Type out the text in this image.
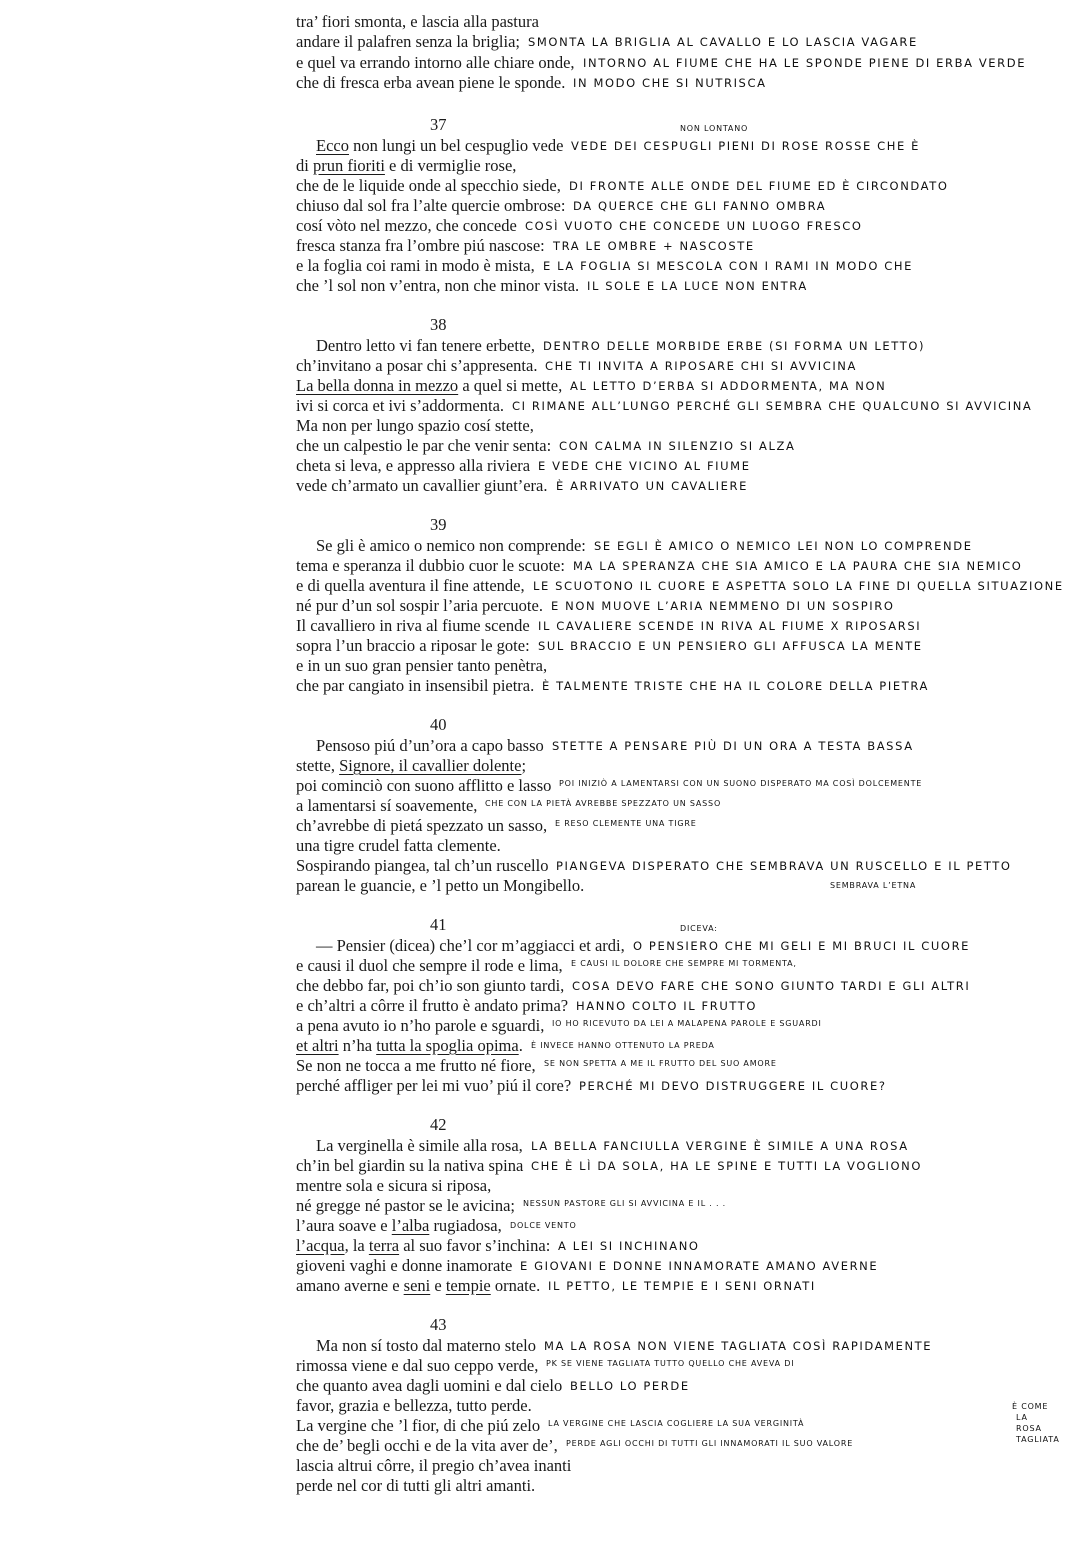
tra’ fiori smonta, e lascia alla pastura
andare il palafren senza la briglia; SMONTA LA BRIGLIA AL CAVALLO E LO LASCIA VAGARE
e quel va errando intorno alle chiare onde, INTORNO AL FIUME CHE HA LE SPONDE PIENE DI ERBA VERDE
che di fresca erba avean piene le sponde. IN MODO CHE SI NUTRISCA
37
Ecco non lungi un bel cespuglio vede VEDE DEI CESPUGLI PIENI DI ROSE ROSSE CHE È
NON LONTANO
di prun fioriti e di vermiglie rose,
che de le liquide onde al specchio siede, DI FRONTE ALLE ONDE DEL FIUME ED È CIRCONDATO
chiuso dal sol fra l’alte quercie ombrose: DA QUERCE CHE GLI FANNO OMBRA
cosí vòto nel mezzo, che concede COSÌ VUOTO CHE CONCEDE UN LUOGO FRESCO
fresca stanza fra l’ombre piú nascose: TRA LE OMBRE + NASCOSTE
e la foglia coi rami in modo è mista, E LA FOGLIA SI MESCOLA CON I RAMI IN MODO CHE
che ’l sol non v’entra, non che minor vista. IL SOLE E LA LUCE NON ENTRA
38
Dentro letto vi fan tenere erbette, DENTRO DELLE MORBIDE ERBE (SI FORMA UN LETTO)
ch’invitano a posar chi s’appresenta. CHE TI INVITA A RIPOSARE CHI SI AVVICINA
La bella donna in mezzo a quel si mette, AL LETTO D’ERBA SI ADDORMENTA, MA NON
ivi si corca et ivi s’addormenta. CI RIMANE ALL’LUNGO PERCHÉ GLI SEMBRA CHE QUALCUNO SI AVVICINA
Ma non per lungo spazio cosí stette,
che un calpestio le par che venir senta: CON CALMA IN SILENZIO SI ALZA
cheta si leva, e appresso alla riviera E VEDE CHE VICINO AL FIUME
vede ch’armato un cavallier giunt’era. È ARRIVATO UN CAVALIERE
39
Se gli è amico o nemico non comprende: SE EGLI È AMICO O NEMICO LEI NON LO COMPRENDE
tema e speranza il dubbio cuor le scuote: MA LA SPERANZA CHE SIA AMICO E LA PAURA CHE SIA NEMICO
e di quella aventura il fine attende, LE SCUOTONO IL CUORE E ASPETTA SOLO LA FINE DI QUELLA SITUAZIONE
né pur d’un sol sospir l’aria percuote. E NON MUOVE L’ARIA NEMMENO DI UN SOSPIRO
Il cavalliero in riva al fiume scende IL CAVALIERE SCENDE IN RIVA AL FIUME X RIPOSARSI
sopra l’un braccio a riposar le gote: SUL BRACCIO E UN PENSIERO GLI AFFUSCA LA MENTE
e in un suo gran pensier tanto penètra,
che par cangiato in insensibil pietra. È TALMENTE TRISTE CHE HA IL COLORE DELLA PIETRA
40
Pensoso piú d’un’ora a capo basso STETTE A PENSARE PIÙ DI UN ORA A TESTA BASSA
stette, Signore, il cavallier dolente;
poi cominciò con suono afflitto e lasso POI INIZIÒ A LAMENTARSI CON UN SUONO DISPERATO MA COSÌ DOLCEMENTE
a lamentarsi sí soavemente, CHE CON LA PIETÀ AVREBBE SPEZZATO UN SASSO
ch’avrebbe di pietá spezzato un sasso, E RESO CLEMENTE UNA TIGRE
una tigre crudel fatta clemente.
Sospirando piangea, tal ch’un ruscello PIANGEVA DISPERATO CHE SEMBRAVA UN RUSCELLO E IL PETTO
parean le guancie, e ’l petto un Mongibello.	SEMBRAVA L’ETNA
41
— Pensier (dicea) che’l cor m’aggiacci et ardi, O PENSIERO CHE MI GELI E MI BRUCI IL CUORE
DICEVA:
e causi il duol che sempre il rode e lima, E CAUSI IL DOLORE CHE SEMPRE MI TORMENTA,
che debbo far, poi ch’io son giunto tardi, COSA DEVO FARE CHE SONO GIUNTO TARDI E GLI ALTRI
e ch’altri a côrre il frutto è andato prima? HANNO COLTO IL FRUTTO
a pena avuto io n’ho parole e sguardi, IO HO RICEVUTO DA LEI A MALAPENA PAROLE E SGUARDI
et altri n’ha tutta la spoglia opima. È INVECE HANNO OTTENUTO LA PREDA
Se non ne tocca a me frutto né fiore, SE NON SPETTA A ME IL FRUTTO DEL SUO AMORE
perché affliger per lei mi vuo’ piú il core? PERCHÉ MI DEVO DISTRUGGERE IL CUORE?
42
La verginella è simile alla rosa, LA BELLA FANCIULLA VERGINE È SIMILE A UNA ROSA
ch’in bel giardin su la nativa spina CHE È LÌ DA SOLA, HA LE SPINE E TUTTI LA VOGLIONO
mentre sola e sicura si riposa,
né gregge né pastor se le avicina; NESSUN PASTORE GLI SI AVVICINA E IL . . .
l’aura soave e l’alba rugiadosa, DOLCE VENTO
l’acqua, la terra al suo favor s’inchina: A LEI SI INCHINANO
gioveni vaghi e donne inamorate E GIOVANI E DONNE INNAMORATE AMANO AVERNE
amano averne e seni e tempie ornate. IL PETTO, LE TEMPIE E I SENI ORNATI
43
Ma non sí tosto dal materno stelo MA LA ROSA NON VIENE TAGLIATA COSÌ RAPIDAMENTE
rimossa viene e dal suo ceppo verde, PK SE VIENE TAGLIATA TUTTO QUELLO CHE AVEVA DI
che quanto avea dagli uomini e dal cielo BELLO LO PERDE
favor, grazia e bellezza, tutto perde.
La vergine che ’l fior, di che piú zelo LA VERGINE CHE LASCIA COGLIERE LA SUA VERGINITÀ
che de’ begli occhi e de la vita aver de’, PERDE AGLI OCCHI DI TUTTI GLI INNAMORATI IL SUO VALORE
lascia altrui côrre, il pregio ch’avea inanti
perde nel cor di tutti gli altri amanti.
È COME
LA
ROSA
TAGLIATA
